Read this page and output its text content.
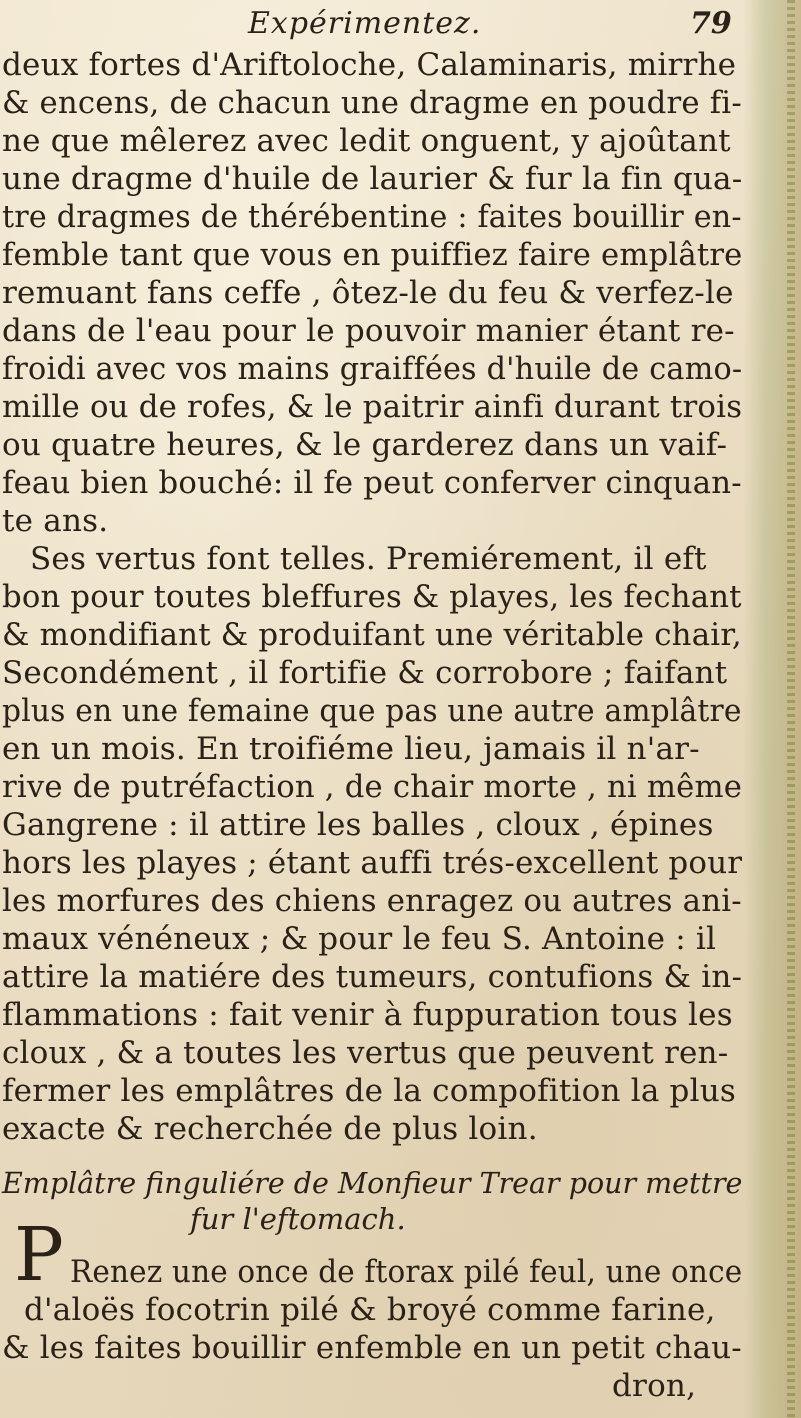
Expérimentez.	79
deux fortes d'Ariftoloche, Calaminaris, mirrhe
& encens, de chacun une dragme en poudre fi-
ne que mêlerez avec ledit onguent, y ajoûtant
une dragme d'huile de laurier & fur la fin qua-
tre dragmes de thérébentine : faites bouillir en-
femble tant que vous en puiffiez faire emplâtre
remuant fans ceffe , ôtez-le du feu & verfez-le
dans de l'eau pour le pouvoir manier étant re-
froidi avec vos mains graiffées d'huile de camo-
mille ou de rofes, & le paitrir ainfi durant trois
ou quatre heures, & le garderez dans un vaif-
feau bien bouché: il fe peut conferver cinquan-
te ans.
Ses vertus font telles. Premiérement, il eft
bon pour toutes bleffures & playes, les fechant
& mondifiant & produifant une véritable chair,
Secondément , il fortifie & corrobore ; faifant
plus en une femaine que pas une autre amplâtre
en un mois. En troifiéme lieu, jamais il n'ar-
rive de putréfaction , de chair morte , ni même
Gangrene : il attire les balles , cloux , épines
hors les playes ; étant auffi trés-excellent pour
les morfures des chiens enragez ou autres ani-
maux vénéneux ; & pour le feu S. Antoine : il
attire la matiére des tumeurs, contufions & in-
flammations : fait venir à fuppuration tous les
cloux , & a toutes les vertus que peuvent ren-
fermer les emplâtres de la compofition la plus
exacte & recherchée de plus loin.
Emplâtre finguliére de Monfieur Trear pour mettre
fur l'eftomach.
P Renez une once de ftorax pilé feul, une once
d'aloës focotrin pilé & broyé comme farine,
& les faites bouillir enfemble en un petit chau-
dron,
